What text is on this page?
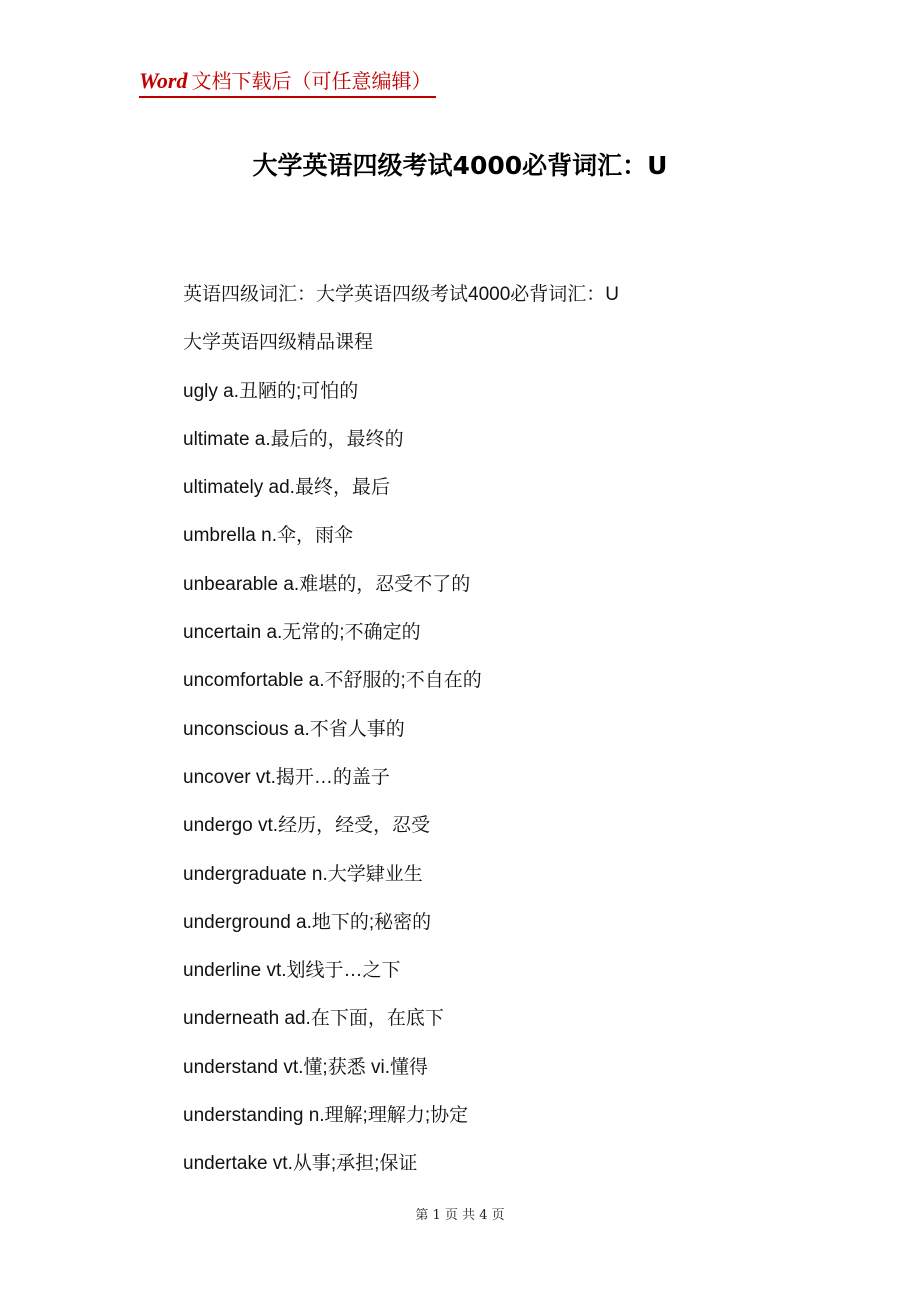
Word 文档下载后（可任意编辑）
大学英语四级考试4000必背词汇：U
英语四级词汇：大学英语四级考试4000必背词汇：U
大学英语四级精品课程
ugly a.丑陋的;可怕的
ultimate a.最后的，最终的
ultimately ad.最终，最后
umbrella n.伞，雨伞
unbearable a.难堪的，忍受不了的
uncertain a.无常的;不确定的
uncomfortable a.不舒服的;不自在的
unconscious a.不省人事的
uncover vt.揭开…的盖子
undergo vt.经历，经受，忍受
undergraduate n.大学肄业生
underground a.地下的;秘密的
underline vt.划线于…之下
underneath ad.在下面，在底下
understand vt.懂;获悉 vi.懂得
understanding n.理解;理解力;协定
undertake vt.从事;承担;保证
第 1 页 共 4 页
